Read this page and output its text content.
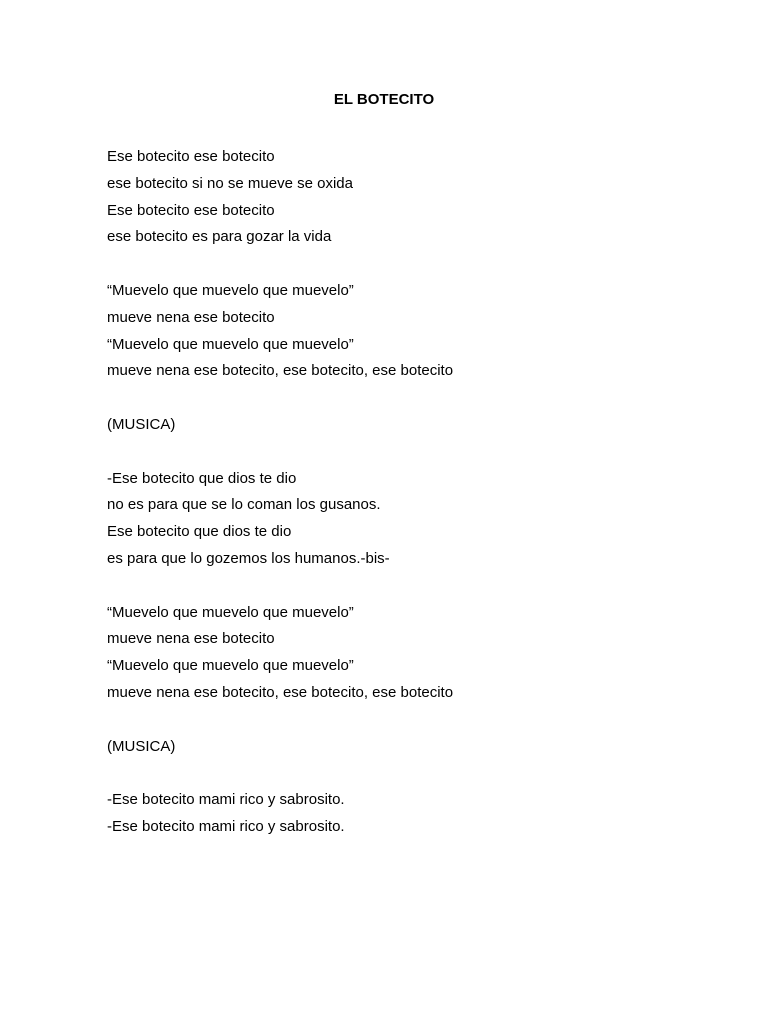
EL BOTECITO
Ese botecito ese botecito
ese botecito si no se mueve se oxida
Ese botecito ese botecito
ese botecito es para gozar la vida
“Muevelo que muevelo que muevelo”
mueve nena ese botecito
“Muevelo que muevelo que muevelo”
mueve nena ese botecito, ese botecito, ese botecito
(MUSICA)
-Ese botecito que dios te dio
no es para que se lo coman los gusanos.
Ese botecito que dios te dio
es para que lo gozemos los humanos.-bis-
“Muevelo que muevelo que muevelo”
mueve nena ese botecito
“Muevelo que muevelo que muevelo”
mueve nena ese botecito, ese botecito, ese botecito
(MUSICA)
-Ese botecito mami rico y sabrosito.
-Ese botecito mami rico y sabrosito.
